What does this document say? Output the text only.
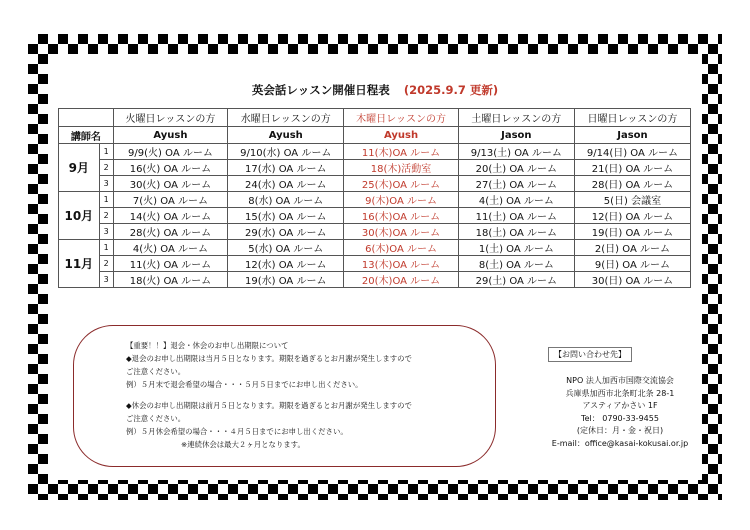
英会話レッスン開催日程表 (2025.9.7 更新)
		火曜日レッスンの方	水曜日レッスンの方	木曜日レッスンの方	土曜日レッスンの方	日曜日レッスンの方
講師名		Ayush	Ayush	Ayush	Jason	Jason
9月	1	9/9(火) OA ルーム	9/10(水) OA ルーム	11(木)OA ルーム	9/13(土) OA ルーム	9/14(日) OA ルーム
	2	16(火) OA ルーム	17(水) OA ルーム	18(木)活動室	20(土) OA ルーム	21(日) OA ルーム
	3	30(火) OA ルーム	24(水) OA ルーム	25(木)OA ルーム	27(土) OA ルーム	28(日) OA ルーム
10月	1	7(火) OA ルーム	8(水) OA ルーム	9(木)OA ルーム	4(土) OA ルーム	5(日) 会議室
	2	14(火) OA ルーム	15(水) OA ルーム	16(木)OA ルーム	11(土) OA ルーム	12(日) OA ルーム
	3	28(火) OA ルーム	29(水) OA ルーム	30(木)OA ルーム	18(土) OA ルーム	19(日) OA ルーム
11月	1	4(火) OA ルーム	5(水) OA ルーム	6(木)OA ルーム	1(土) OA ルーム	2(日) OA ルーム
	2	11(火) OA ルーム	12(水) OA ルーム	13(木)OA ルーム	8(土) OA ルーム	9(日) OA ルーム
	3	18(火) OA ルーム	19(水) OA ルーム	20(木)OA ルーム	29(土) OA ルーム	30(日) OA ルーム

【重要！！】退会・休会のお申し出期限について

◆退会のお申し出期限は当月５日となります。期限を過ぎるとお月謝が発生しますので

ご注意ください。

例）５月末で退会希望の場合・・・５月５日までにお申し出ください。

◆休会のお申し出期限は前月５日となります。期限を過ぎるとお月謝が発生しますので

ご注意ください。

例）５月休会希望の場合・・・４月５日までにお申し出ください。

※連続休会は最大２ヶ月となります。

【お問い合わせ先】

NPO 法人加西市国際交流協会

兵庫県加西市北条町北条 28-1

アスティアかさい 1F

Tel： 0790-33-9455

(定休日：月・金・祝日)

E-mail：office@kasai-kokusai.or.jp
